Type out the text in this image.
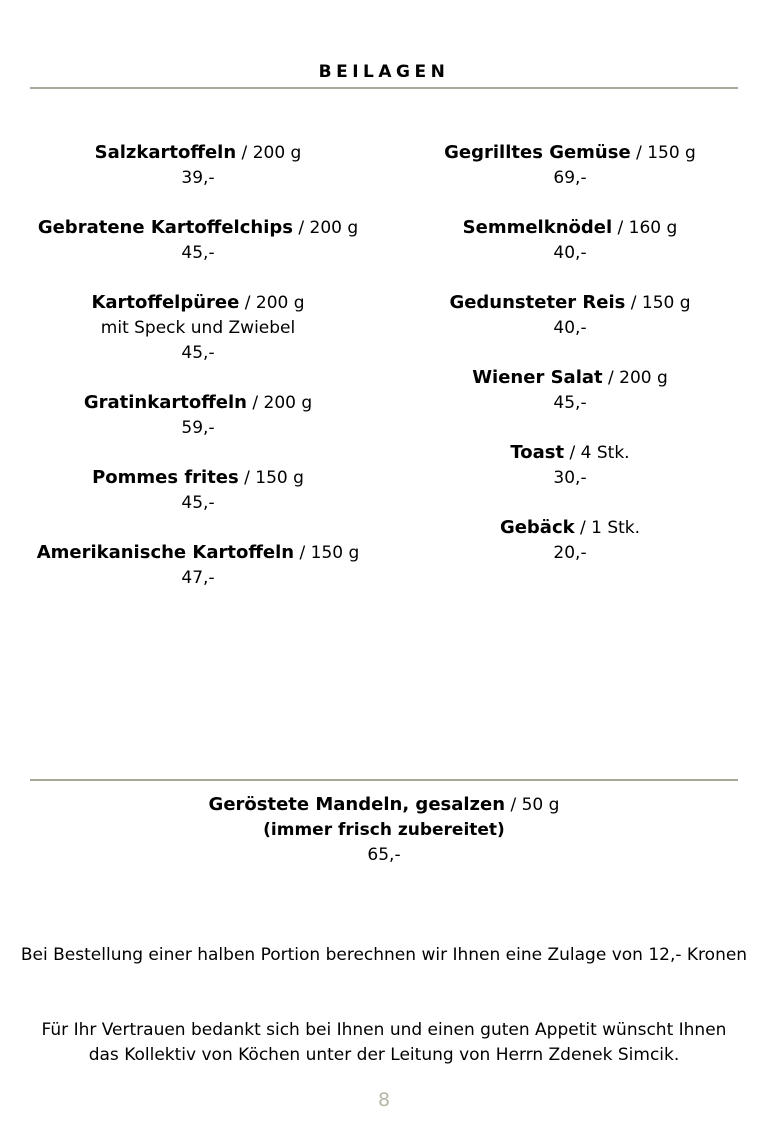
BEILAGEN
Salzkartoffeln / 200 g
39,-
Gebratene Kartoffelchips / 200 g
45,-
Kartoffelpüree / 200 g
mit Speck und Zwiebel
45,-
Gratinkartoffeln / 200 g
59,-
Pommes frites / 150 g
45,-
Amerikanische Kartoffeln / 150 g
47,-
Gegrilltes Gemüse / 150 g
69,-
Semmelknödel / 160 g
40,-
Gedunsteter Reis / 150 g
40,-
Wiener Salat / 200 g
45,-
Toast / 4 Stk.
30,-
Gebäck / 1 Stk.
20,-
Geröstete Mandeln, gesalzen / 50 g
(immer frisch zubereitet)
65,-
Bei Bestellung einer halben Portion berechnen wir Ihnen eine Zulage von 12,- Kronen
Für Ihr Vertrauen bedankt sich bei Ihnen und einen guten Appetit wünscht Ihnen
das Kollektiv von Köchen unter der Leitung von Herrn Zdenek Simcik.
8
